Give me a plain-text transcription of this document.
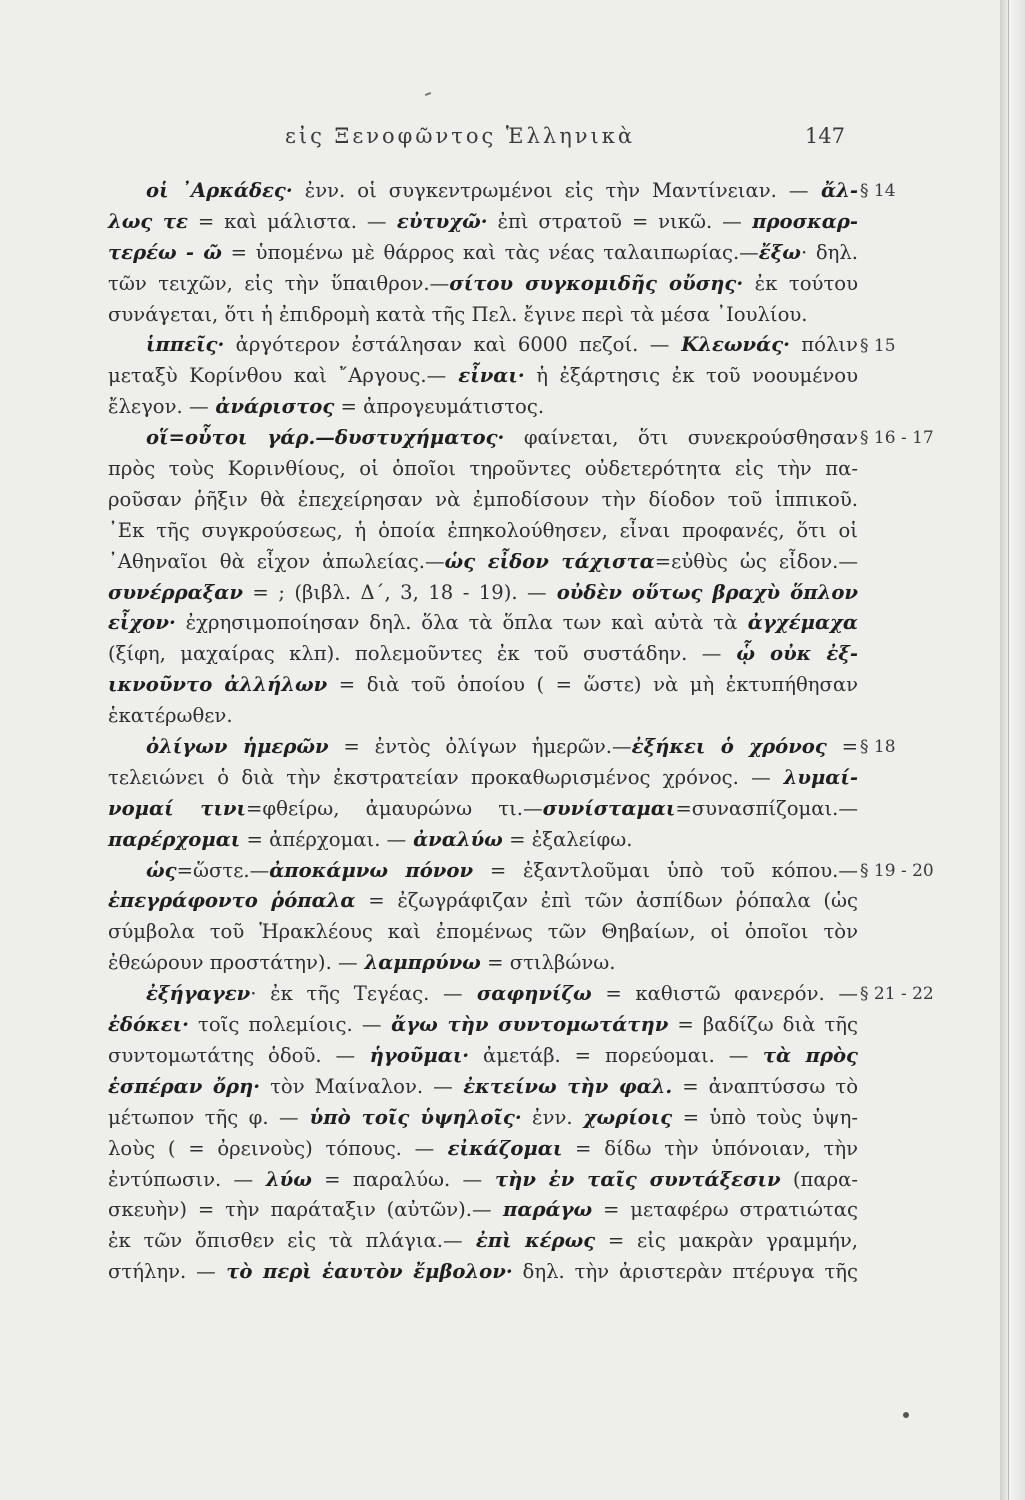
εἰς Ξενοφῶντος Ἑλληνικὰ	147
οἱ ᾿Αρκάδες· ἐνν. οἱ συγκεντρωμένοι εἰς τὴν Μαντίνειαν. — ἄλ-
λως τε = καὶ μάλιστα. — εὐτυχῶ· ἐπὶ στρατοῦ = νικῶ. — προσκαρ-
τερέω - ῶ = ὑπομένω μὲ θάρρος καὶ τὰς νέας ταλαιπωρίας.—ἔξω· δηλ.
τῶν τειχῶν, εἰς τὴν ὕπαιθρον.—σίτου συγκομιδῆς οὔσης· ἐκ τούτου
συνάγεται, ὅτι ἡ ἐπιδρομὴ κατὰ τῆς Πελ. ἔγινε περὶ τὰ μέσα ᾿Ιουλίου.
ἱππεῖς· ἀργότερον ἐστάλησαν καὶ 6000 πεζοί. — Κλεωνάς· πόλιν
μεταξὺ Κορίνθου καὶ ῎Αργους.— εἶναι· ἡ ἐξάρτησις ἐκ τοῦ νοουμένου
ἔλεγον. — ἀνάριστος = ἀπρογευμάτιστος.
οἵ=οὗτοι γάρ.—δυστυχήματος· φαίνεται, ὅτι συνεκρούσθησαν
πρὸς τοὺς Κορινθίους, οἱ ὁποῖοι τηροῦντες οὐδετερότητα εἰς τὴν πα-
ροῦσαν ῥῆξιν θὰ ἐπεχείρησαν νὰ ἐμποδίσουν τὴν δίοδον τοῦ ἱππικοῦ.
᾿Εκ τῆς συγκρούσεως, ἡ ὁποία ἐπηκολούθησεν, εἶναι προφανές, ὅτι οἱ
᾿Αθηναῖοι θὰ εἶχον ἀπωλείας.—ὡς εἶδον τάχιστα=εὐθὺς ὡς εἶδον.—
συνέρραξαν = ; (βιβλ. Δ΄, 3, 18 - 19). — οὐδὲν οὕτως βραχὺ ὅπλον
εἶχον· ἐχρησιμοποίησαν δηλ. ὅλα τὰ ὅπλα των καὶ αὐτὰ τὰ ἀγχέμαχα
(ξίφη, μαχαίρας κλπ). πολεμοῦντες ἐκ τοῦ συστάδην. — ᾧ οὐκ ἐξ-
ικνοῦντο ἀλλήλων = διὰ τοῦ ὁποίου ( = ὥστε) νὰ μὴ ἐκτυπήθησαν
ἑκατέρωθεν.
ὀλίγων ἡμερῶν = ἐντὸς ὀλίγων ἡμερῶν.—ἐξήκει ὁ χρόνος =
τελειώνει ὁ διὰ τὴν ἐκστρατείαν προκαθωρισμένος χρόνος. — λυμαί-
νομαί τινι=φθείρω, ἀμαυρώνω τι.—συνίσταμαι=συνασπίζομαι.—
παρέρχομαι = ἀπέρχομαι. — ἀναλύω = ἐξαλείφω.
ὡς=ὥστε.—ἀποκάμνω πόνον = ἐξαντλοῦμαι ὑπὸ τοῦ κόπου.—
ἐπεγράφοντο ῥόπαλα = ἐζωγράφιζαν ἐπὶ τῶν ἀσπίδων ῥόπαλα (ὡς
σύμβολα τοῦ Ἡρακλέους καὶ ἐπομένως τῶν Θηβαίων, οἱ ὁποῖοι τὸν
ἐθεώρουν προστάτην). — λαμπρύνω = στιλβώνω.
ἐξήγαγεν· ἐκ τῆς Τεγέας. — σαφηνίζω = καθιστῶ φανερόν. —
ἐδόκει· τοῖς πολεμίοις. — ἄγω τὴν συντομωτάτην = βαδίζω διὰ τῆς
συντομωτάτης ὁδοῦ. — ἡγοῦμαι· ἀμετάβ. = πορεύομαι. — τὰ πρὸς
ἑσπέραν ὄρη· τὸν Μαίναλον. — ἐκτείνω τὴν φαλ. = ἀναπτύσσω τὸ
μέτωπον τῆς φ. — ὑπὸ τοῖς ὑψηλοῖς· ἐνν. χωρίοις = ὑπὸ τοὺς ὑψη-
λοὺς ( = ὀρεινοὺς) τόπους. — εἰκάζομαι = δίδω τὴν ὑπόνοιαν, τὴν
ἐντύπωσιν. — λύω = παραλύω. — τὴν ἐν ταῖς συντάξεσιν (παρα-
σκευὴν) = τὴν παράταξιν (αὐτῶν).— παράγω = μεταφέρω στρατιώτας
ἐκ τῶν ὄπισθεν εἰς τὰ πλάγια.— ἐπὶ κέρως = εἰς μακρὰν γραμμήν,
στήλην. — τὸ περὶ ἑαυτὸν ἔμβολον· δηλ. τὴν ἀριστερὰν πτέρυγα τῆς
§ 14
§ 15
§ 16 - 17
§ 18
§ 19 - 20
§ 21 - 22
